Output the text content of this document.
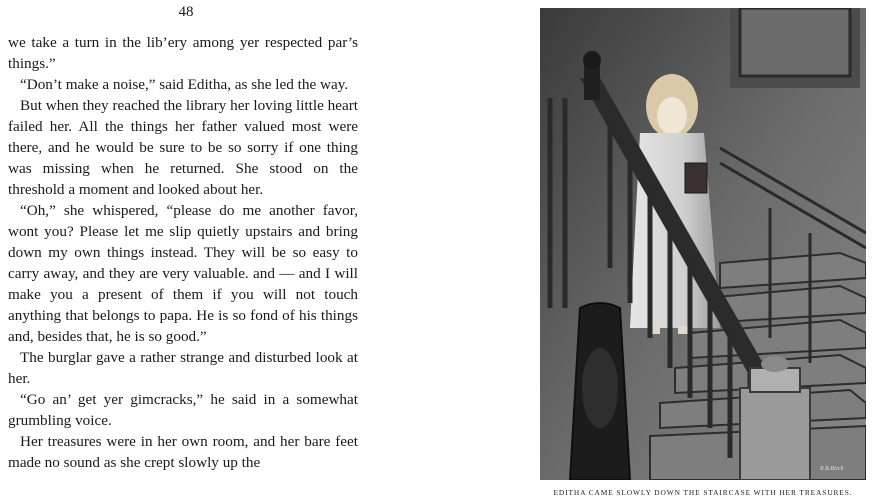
48

we take a turn in the lib’ery among yer respected par’s things.”

“Don’t make a noise,” said Editha, as she led the way.

But when they reached the library her loving little heart failed her. All the things her father valued most were there, and he would be sure to be so sorry if one thing was missing when he returned. She stood on the threshold a moment and looked about her.

“Oh,” she whispered, “please do me another favor, wont you? Please let me slip quietly upstairs and bring down my own things instead. They will be so easy to carry away, and they are very valuable. and — and I will make you a present of them if you will not touch anything that belongs to papa. He is so fond of his things and, besides that, he is so good.”

The burglar gave a rather strange and disturbed look at her.

“Go an’ get yer gimcracks,” he said in a somewhat grumbling voice.

Her treasures were in her own room, and her bare feet made no sound as she crept slowly up the	R.B.Birch
EDITHA CAME SLOWLY DOWN THE STAIRCASE WITH HER TREASURES.
